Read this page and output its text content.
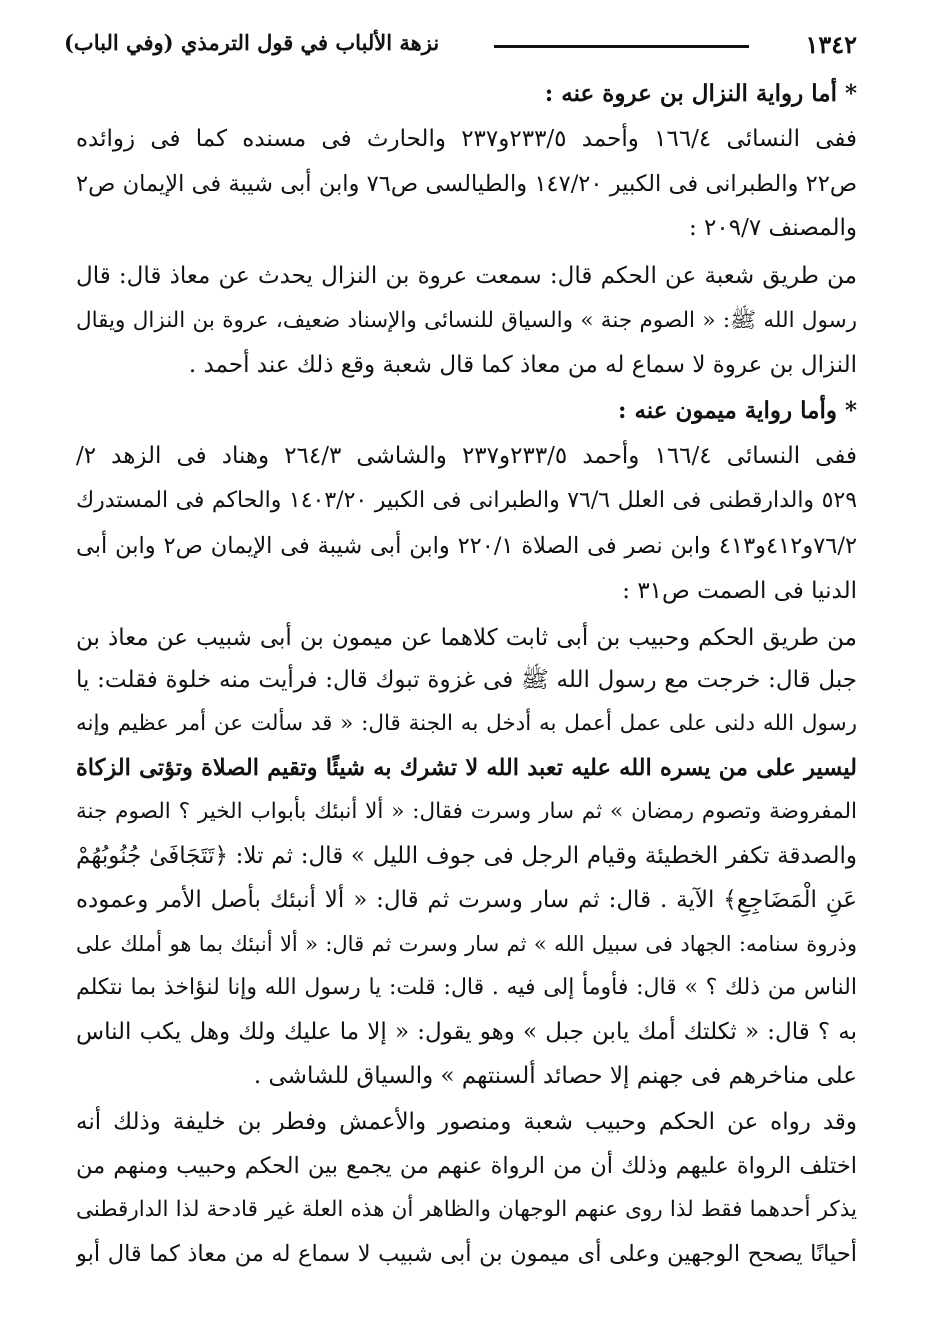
١٣٤٢
نزهة الألباب في قول الترمذي (وفي الباب)
* أما رواية النزال بن عروة عنه :
ففى النسائى ١٦٦/٤ وأحمد ٢٣٣/٥و٢٣٧ والحارث فى مسنده كما فى زوائده
ص٢٢ والطبرانى فى الكبير ١٤٧/٢٠ والطيالسى ص٧٦ وابن أبى شيبة فى الإيمان ص٢
والمصنف ٢٠٩/٧ :
من طريق شعبة عن الحكم قال: سمعت عروة بن النزال يحدث عن معاذ قال: قال
رسول الله ﷺ: « الصوم جنة » والسياق للنسائى والإسناد ضعيف، عروة بن النزال ويقال
النزال بن عروة لا سماع له من معاذ كما قال شعبة وقع ذلك عند أحمد .
* وأما رواية ميمون عنه :
ففى النسائى ١٦٦/٤ وأحمد ٢٣٣/٥و٢٣٧ والشاشى ٢٦٤/٣ وهناد فى الزهد ٢/
٥٢٩ والدارقطنى فى العلل ٧٦/٦ والطبرانى فى الكبير ١٤٠٣/٢٠ والحاكم فى المستدرك
٧٦/٢و٤١٢و٤١٣ وابن نصر فى الصلاة ٢٢٠/١ وابن أبى شيبة فى الإيمان ص٢ وابن أبى
الدنيا فى الصمت ص٣١ :
من طريق الحكم وحبيب بن أبى ثابت كلاهما عن ميمون بن أبى شبيب عن معاذ بن
جبل قال: خرجت مع رسول الله ﷺ فى غزوة تبوك قال: فرأيت منه خلوة فقلت: يا
رسول الله دلنى على عمل أعمل به أدخل به الجنة قال: « قد سألت عن أمر عظيم وإنه
ليسير على من يسره الله عليه تعبد الله لا تشرك به شيئًا وتقيم الصلاة وتؤتى الزكاة
المفروضة وتصوم رمضان » ثم سار وسرت فقال: « ألا أنبئك بأبواب الخير ؟ الصوم جنة
والصدقة تكفر الخطيئة وقيام الرجل فى جوف الليل » قال: ثم تلا: ﴿تَتَجَافَىٰ جُنُوبُهُمْ
عَنِ الْمَضَاجِعِ﴾ الآية . قال: ثم سار وسرت ثم قال: « ألا أنبئك بأصل الأمر وعموده
وذروة سنامه: الجهاد فى سبيل الله » ثم سار وسرت ثم قال: « ألا أنبئك بما هو أملك على
الناس من ذلك ؟ » قال: فأومأ إلى فيه . قال: قلت: يا رسول الله وإنا لنؤاخذ بما نتكلم
به ؟ قال: « ثكلتك أمك يابن جبل » وهو يقول: « إلا ما عليك ولك وهل يكب الناس
على مناخرهم فى جهنم إلا حصائد ألسنتهم » والسياق للشاشى .
وقد رواه عن الحكم وحبيب شعبة ومنصور والأعمش وفطر بن خليفة وذلك أنه
اختلف الرواة عليهم وذلك أن من الرواة عنهم من يجمع بين الحكم وحبيب ومنهم من
يذكر أحدهما فقط لذا روى عنهم الوجهان والظاهر أن هذه العلة غير قادحة لذا الدارقطنى
أحيانًا يصحح الوجهين وعلى أى ميمون بن أبى شبيب لا سماع له من معاذ كما قال أبو
